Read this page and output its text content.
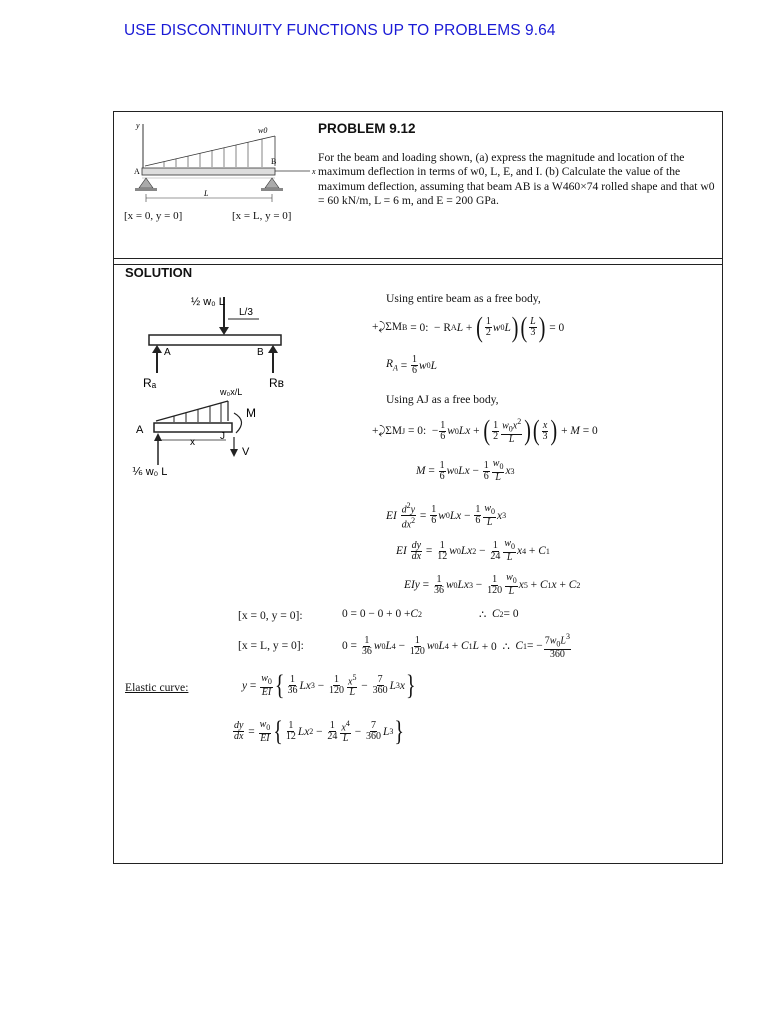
USE DISCONTINUITY FUNCTIONS UP TO PROBLEMS 9.64
y
w0
A
B
x
L
[x = 0, y = 0]	[x = L, y = 0]
PROBLEM 9.12
For the beam and loading shown, (a) express the magnitude and location of the maximum deflection in terms of w0, L, E, and I. (b) Calculate the value of the maximum deflection, assuming that beam AB is a W460×74 rolled shape and that w0 = 60 kN/m, L = 6 m, and E = 200 GPa.
SOLUTION
½ w₀ L
L/3
A	B
Rₐ	Rʙ
w₀x/L
A
J
M
x
V
⅙ w₀ L
Using entire beam as a free body,
+⤸ΣM B = 0:  − R A L + ( 1
2 w 0 L ) ( L
3 ) = 0
$R_A = 1$
6 w 0 L
Using AJ as a free body,
+⤸ΣM J = 0:  − 1
6 w 0 Lx + ( 1
2
$w_0x^2$
L ) ( x
3 ) + M = 0
M = 1
6 w 0 Lx − 1
6
$w_0$
L
x 3
EI
$d^2y$
$dx^2 = 1$
6 w 0 Lx − 1
6
$w_0$
L
x 3
EI
dy
dx = 1
12 w 0 Lx 2 − 1
24
$w_0$
L
x 4 + C 1
EIy = 1
36 w 0 Lx 3 − 1
120
$w_0$
L
x 5 + C 1 x + C 2
[x = 0, y = 0]:	0 = 0 − 0 + 0 + C 2 ∴ C 2 = 0
[x = L, y = 0]:	0 = 1
36 w 0 L 4 − 1
120 w 0 L 4 + C 1 L + 0  ∴ C 1 = − $7w_0L^3$
360
Elastic curve:	y =
$w_0$
EI { 1
36 Lx 3 − 1
120
$x^5$
L
− 7
360 L 3 x }
dy
dx =
$w_0$
EI { 1
12 Lx 2 − 1
24
$x^4$
L
− 7
360 L 3 }
